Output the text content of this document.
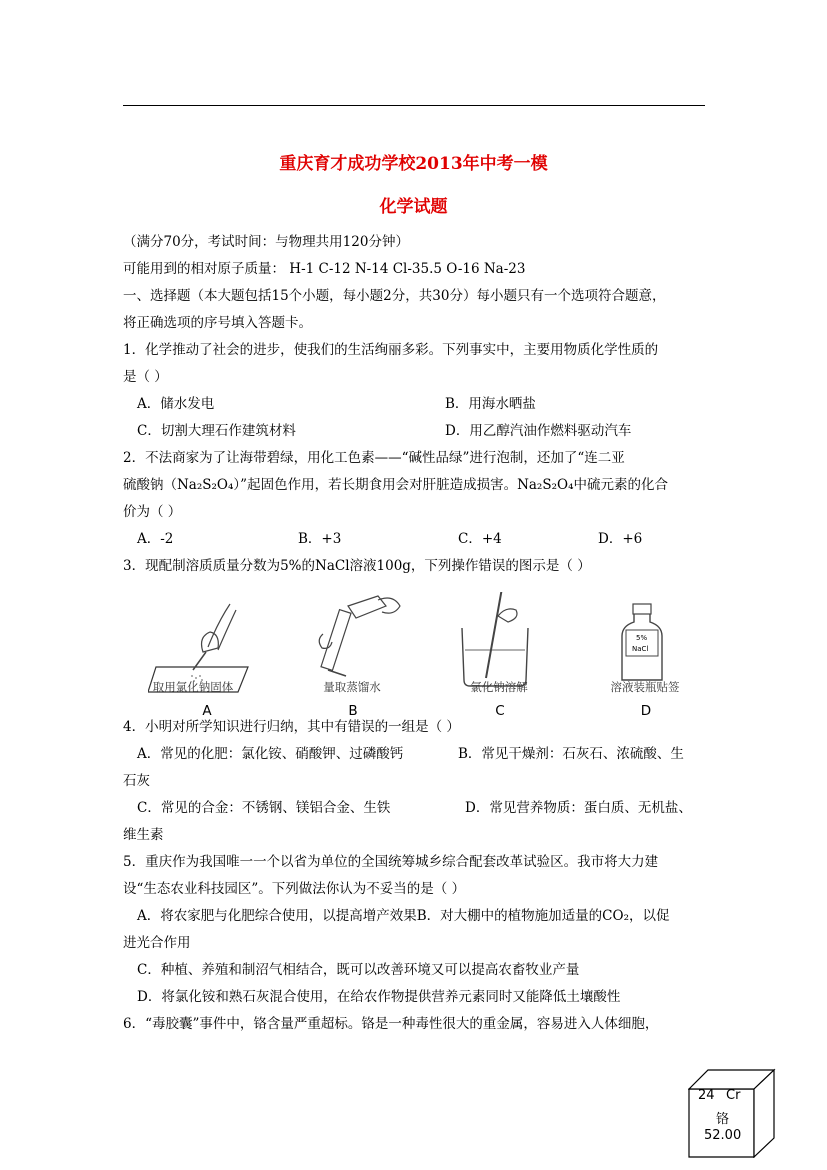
重庆育才成功学校2013年中考一模
化学试题
（满分70分，考试时间：与物理共用120分钟）
可能用到的相对原子质量： H-1 C-12 N-14 Cl-35.5 O-16 Na-23
一、选择题（本大题包括15个小题，每小题2分，共30分）每小题只有一个选项符合题意，
将正确选项的序号填入答题卡。
1．化学推动了社会的进步，使我们的生活绚丽多彩。下列事实中，主要用物质化学性质的
是（ ）
A．储水发电	B．用海水晒盐
C．切割大理石作建筑材料	D．用乙醇汽油作燃料驱动汽车
2．不法商家为了让海带碧绿，用化工色素——“碱性品绿”进行泡制，还加了“连二亚
硫酸钠（Na₂S₂O₄）”起固色作用，若长期食用会对肝脏造成损害。Na₂S₂O₄中硫元素的化合
价为（ ）
A．-2	B．+3	C．+4	D．+6
3．现配制溶质质量分数为5%的NaCl溶液100g，下列操作错误的图示是（ ）
取用氯化钠固体
A
量取蒸馏水
B
氯化钠溶解
C
5%
NaCl
溶液装瓶贴签
D
4．小明对所学知识进行归纳，其中有错误的一组是（ ）
A．常见的化肥：氯化铵、硝酸钾、过磷酸钙	B．常见干燥剂：石灰石、浓硫酸、生
石灰
C．常见的合金：不锈钢、镁铝合金、生铁	D．常见营养物质：蛋白质、无机盐、
维生素
5．重庆作为我国唯一一个以省为单位的全国统筹城乡综合配套改革试验区。我市将大力建
设“生态农业科技园区”。下列做法你认为不妥当的是（ ）
A．将农家肥与化肥综合使用，以提高增产效果B．对大棚中的植物施加适量的CO₂，以促
进光合作用
C．种植、养殖和制沼气相结合，既可以改善环境又可以提高农畜牧业产量
D．将氯化铵和熟石灰混合使用，在给农作物提供营养元素同时又能降低土壤酸性
6．“毒胶囊”事件中，铬含量严重超标。铬是一种毒性很大的重金属，容易进入人体细胞，
24 Cr
铬
52.00
